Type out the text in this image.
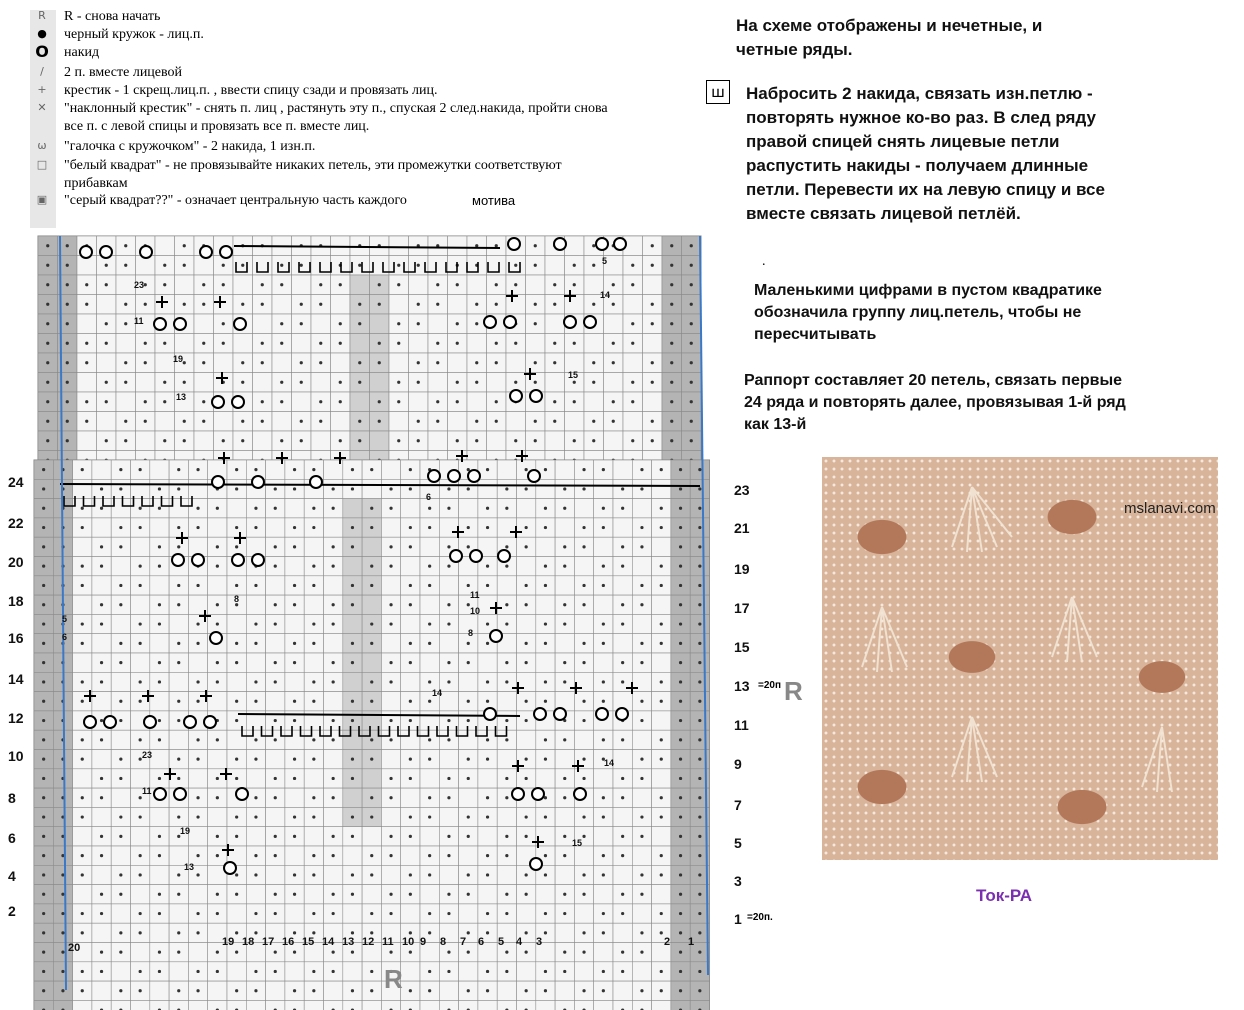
R R - снова начать
● черный кружок - лиц.п.
O накид
/	2 п. вместе лицевой
+ крестик - 1 скрещ.лиц.п. , ввести спицу сзади и провязать лиц.
✕ "наклонный крестик" - снять п. лиц , растянуть эту п., спуская 2 след.накида, пройти снова
все п. с левой спицы и провязать все п. вместе лиц.
ω "галочка с кружочком" - 2 накида, 1 изн.п.
□ "белый квадрат" - не провязывайте никаких петель, эти промежутки соответствуют
прибавкам
▣ "серый квадрат??" - означает центральную часть каждого	мотива
На схеме отображены и нечетные, и
четные ряды.
ꟺ	Набросить 2 накида, связать изн.петлю -
повторять нужное ко-во раз. В след ряду
правой спицей снять лицевые петли
распустить накиды - получаем длинные
петли. Перевести их на левую спицу и все
вместе связать лицевой петлёй.
.
Маленькими цифрами в пустом квадратике
обозначила группу лиц.петель, чтобы не
пересчитывать
Раппорт составляет 20 петель, связать первые
24 ряда и повторять далее, провязывая 1-й ряд
как 13-й
mslanavi.com
Ток-РА
24
22
20
18
16
14
12
10
8
6
4
2
23
21
19
17
15
13
11
9
7
5
3
1
20	19 18 17 16 15 14 13 12 11 10 9 8 7 6 5 4 3	2 1
23
11
19
13
5
14
15
6
8
5
6
11
10
8
14
23
11
19
13
14
15
R
R
=20п
=20п.
